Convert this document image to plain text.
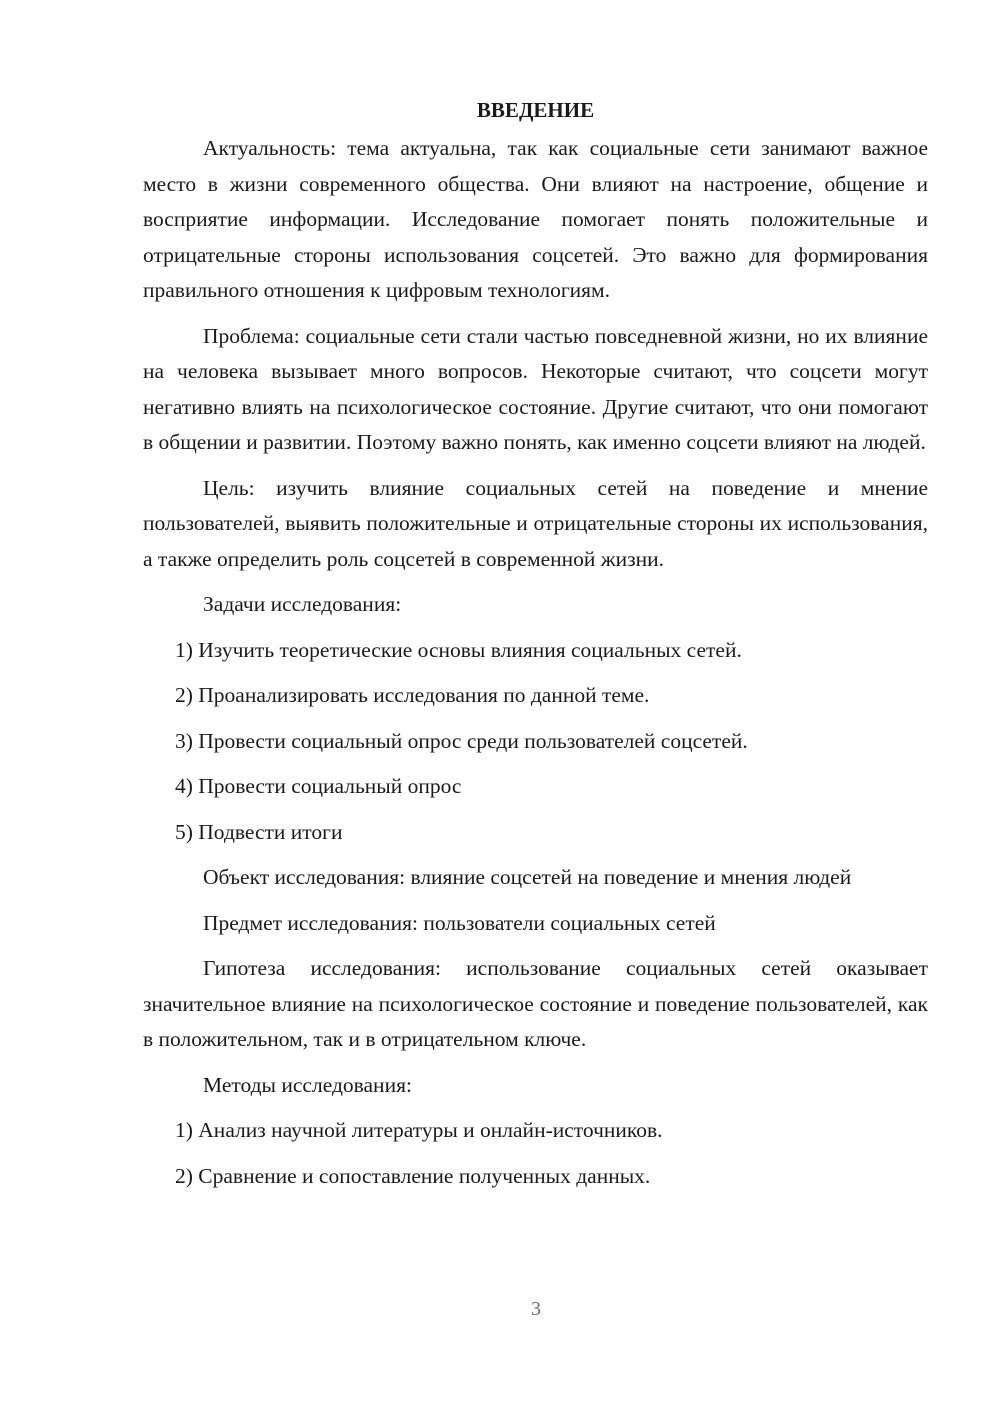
ВВЕДЕНИЕ

Актуальность: тема актуальна, так как социальные сети занимают важное место в жизни современного общества. Они влияют на настроение, общение и восприятие информации. Исследование помогает понять положительные и отрицательные стороны использования соцсетей. Это важно для формирования правильного отношения к цифровым технологиям.

Проблема: социальные сети стали частью повседневной жизни, но их влияние на человека вызывает много вопросов. Некоторые считают, что соцсети могут негативно влиять на психологическое состояние. Другие считают, что они помогают в общении и развитии. Поэтому важно понять, как именно соцсети влияют на людей.

Цель: изучить влияние социальных сетей на поведение и мнение пользователей, выявить положительные и отрицательные стороны их использования, а также определить роль соцсетей в современной жизни.

Задачи исследования:

1) Изучить теоретические основы влияния социальных сетей.
2) Проанализировать исследования по данной теме.
3) Провести социальный опрос среди пользователей соцсетей.
4) Провести социальный опрос
5) Подвести итоги

Объект исследования: влияние соцсетей на поведение и мнения людей

Предмет исследования: пользователи социальных сетей

Гипотеза исследования: использование социальных сетей оказывает значительное влияние на психологическое состояние и поведение пользователей, как в положительном, так и в отрицательном ключе.

Методы исследования:

1) Анализ научной литературы и онлайн-источников.
2) Сравнение и сопоставление полученных данных.
3
